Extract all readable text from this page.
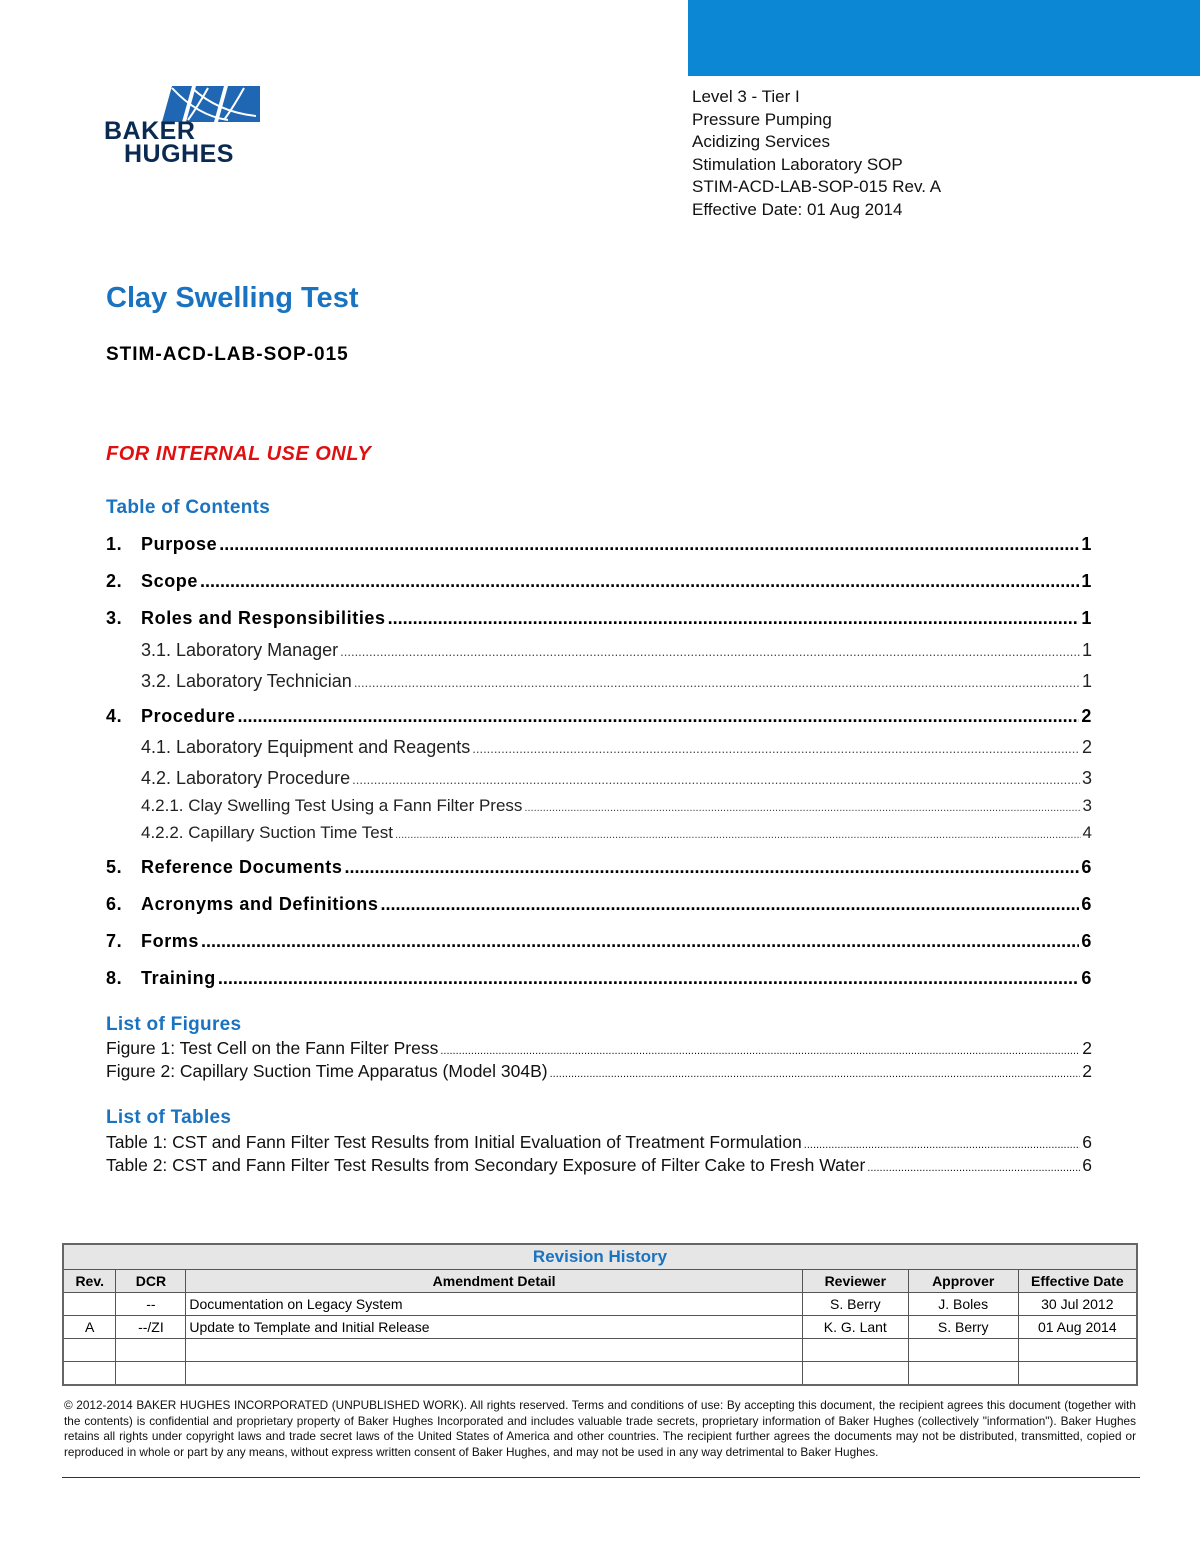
BAKER
HUGHES
Level 3 - Tier I
Pressure Pumping
Acidizing Services
Stimulation Laboratory SOP
STIM-ACD-LAB-SOP-015 Rev. A
Effective Date: 01 Aug 2014
Clay Swelling Test
STIM-ACD-LAB-SOP-015
FOR INTERNAL USE ONLY
Table of Contents
1.	Purpose .....	1
2.	Scope .....	1
3.	Roles and Responsibilities .....	1
3.1. Laboratory Manager .....	1
3.2. Laboratory Technician .....	1
4.	Procedure .....	2
4.1. Laboratory Equipment and Reagents .....	2
4.2. Laboratory Procedure .....	3
4.2.1. Clay Swelling Test Using a Fann Filter Press .....	3
4.2.2. Capillary Suction Time Test .....	4
5.	Reference Documents .....	6
6.	Acronyms and Definitions .....	6
7.	Forms .....	6
8.	Training .....	6
List of Figures
Figure 1: Test Cell on the Fann Filter Press .....	2
Figure 2: Capillary Suction Time Apparatus (Model 304B) .....	2
List of Tables
Table 1: CST and Fann Filter Test Results from Initial Evaluation of Treatment Formulation .....	6
Table 2: CST and Fann Filter Test Results from Secondary Exposure of Filter Cake to Fresh Water .....	6
Revision History					
Rev.	DCR	Amendment Detail	Reviewer	Approver	Effective Date
	--	Documentation on Legacy System	S. Berry	J. Boles	30 Jul 2012
A	--/ZI	Update to Template and Initial Release	K. G. Lant	S. Berry	01 Aug 2014

© 2012-2014 BAKER HUGHES INCORPORATED (UNPUBLISHED WORK). All rights reserved. Terms and conditions of use: By accepting this document, the recipient agrees this document (together with the contents) is confidential and proprietary property of Baker Hughes Incorporated and includes valuable trade secrets, proprietary information of Baker Hughes (collectively "information"). Baker Hughes retains all rights under copyright laws and trade secret laws of the United States of America and other countries. The recipient further agrees the documents may not be distributed, transmitted, copied or reproduced in whole or part by any means, without express written consent of Baker Hughes, and may not be used in any way detrimental to Baker Hughes.
